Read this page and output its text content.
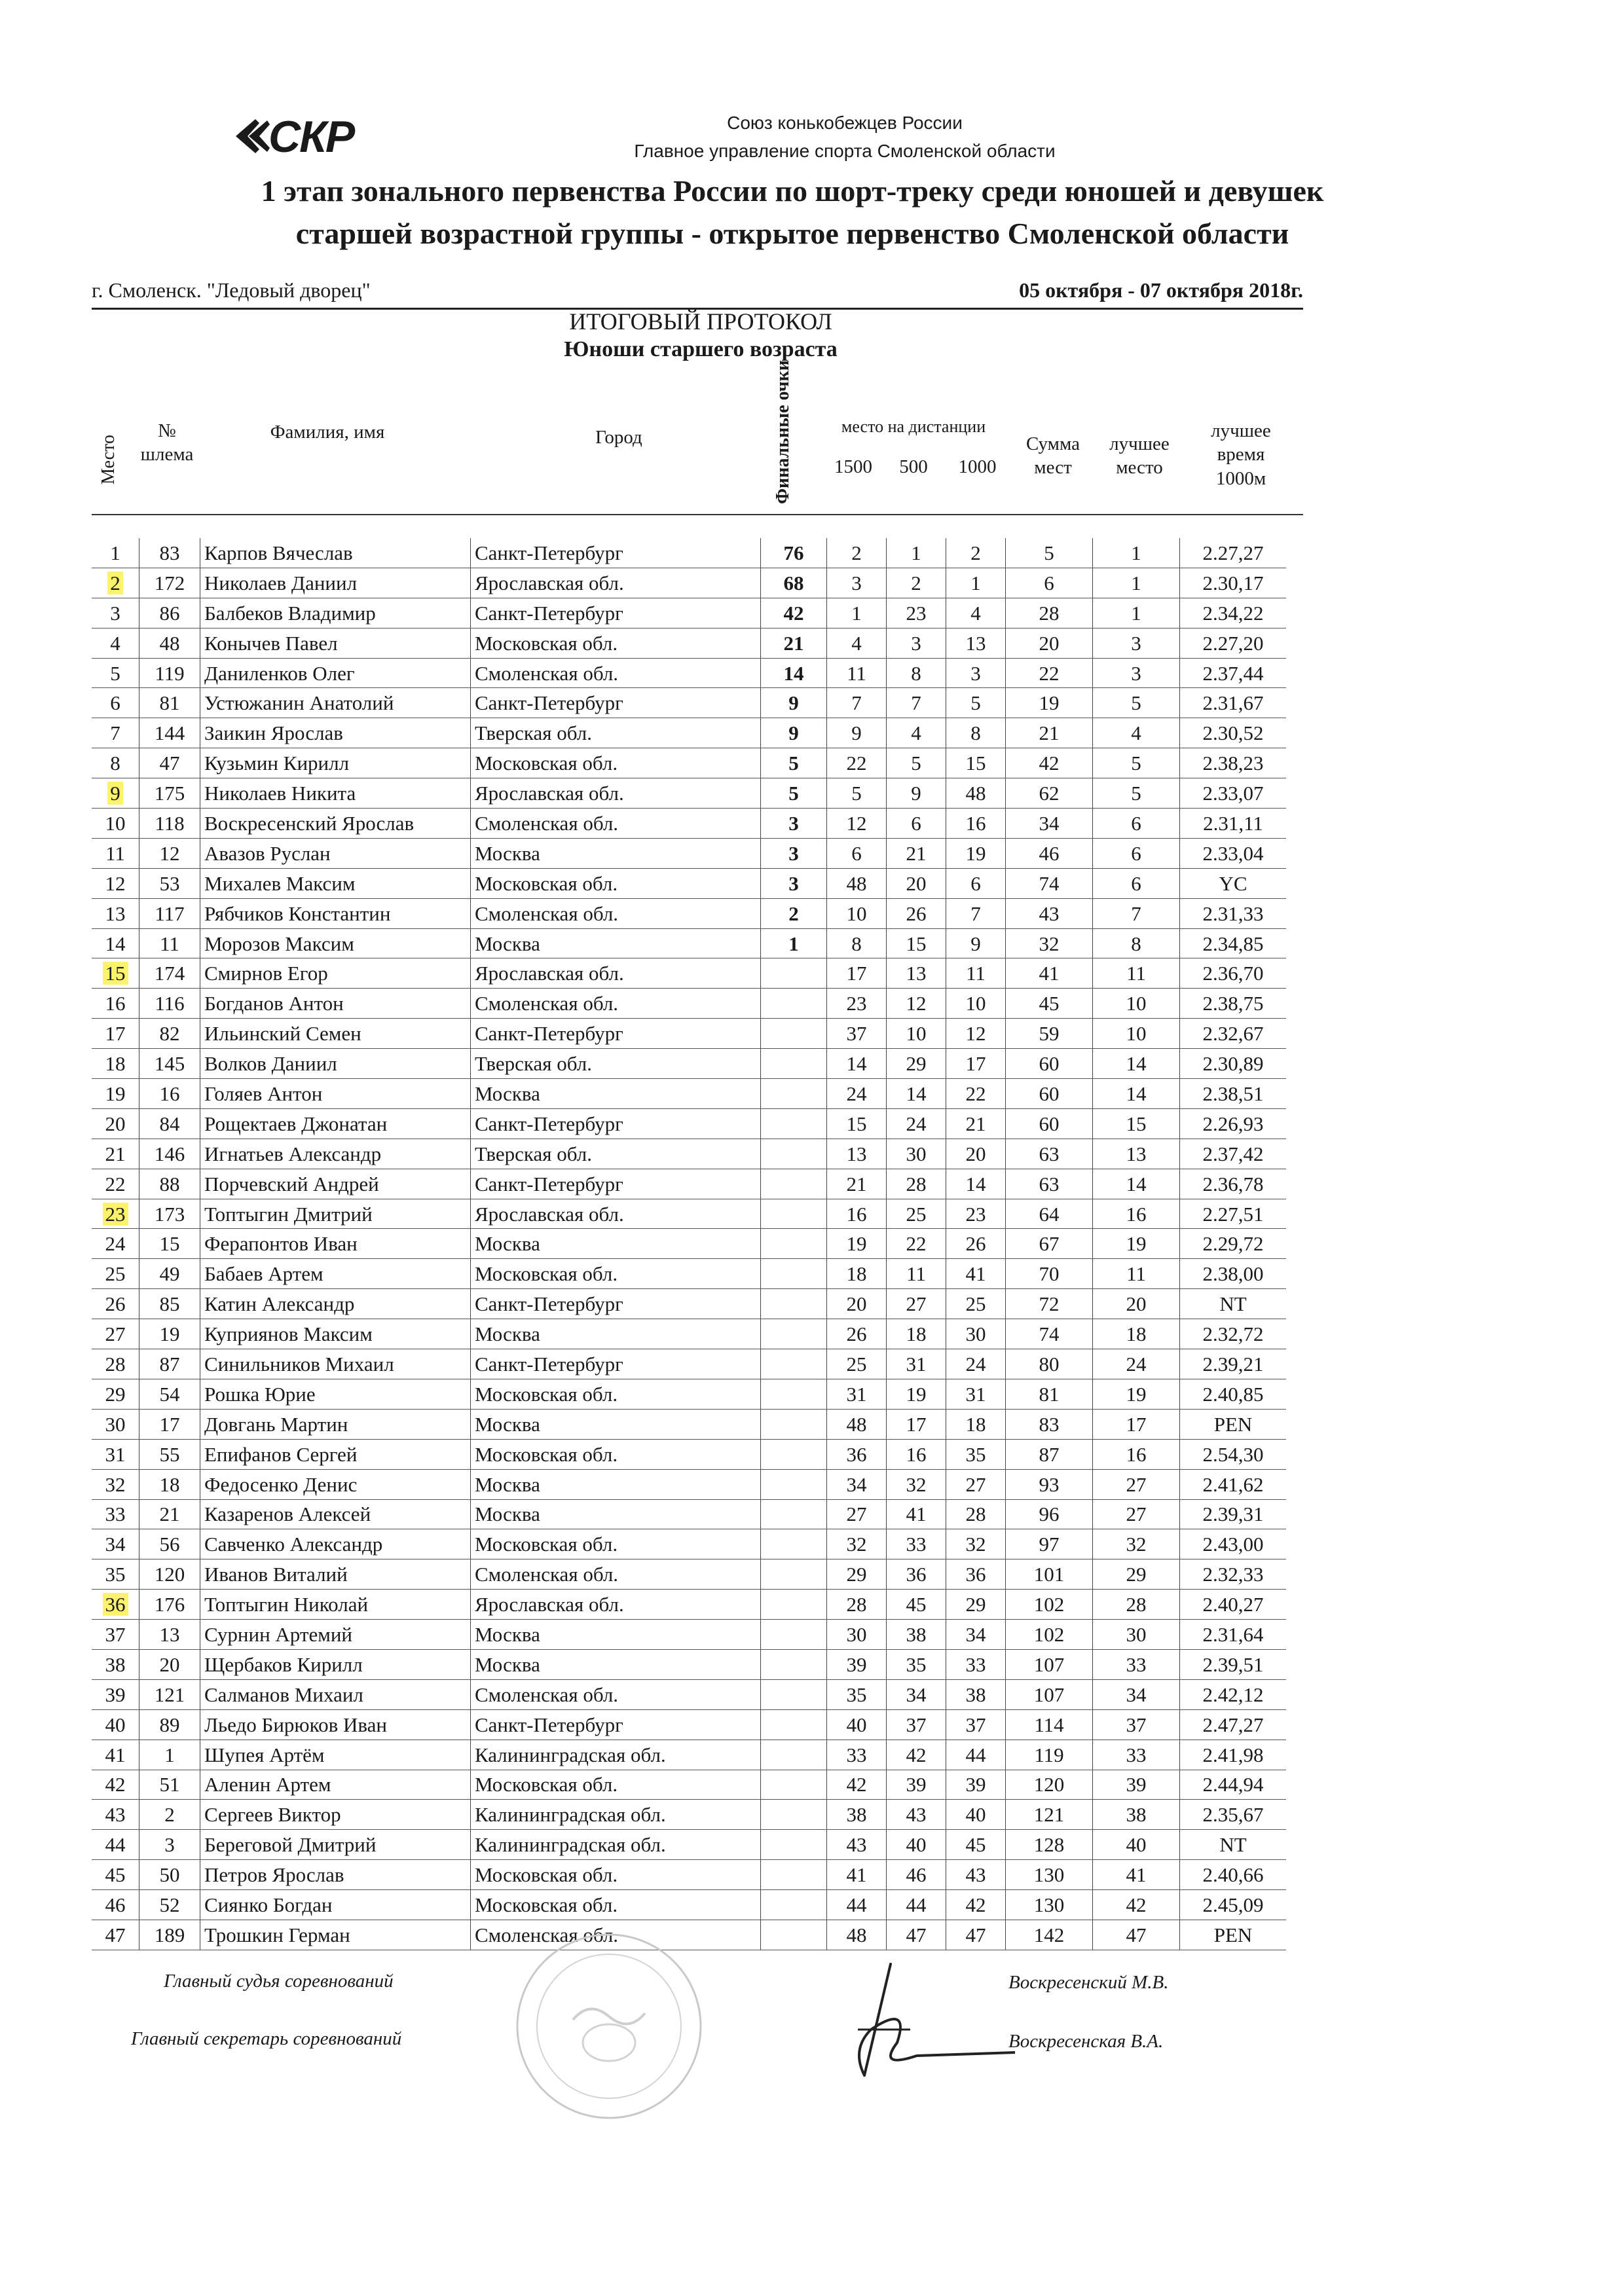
СКР	Союз конькобежцев России
Главное управление спорта Смоленской области
1 этап зонального первенства России по шорт-треку среди юношей и девушек
старшей возрастной группы - открытое первенство Смоленской области
г. Смоленск. "Ледовый дворец"	05 октября - 07 октября 2018г.
ИТОГОВЫЙ ПРОТОКОЛ
Юноши старшего возраста
Место
№ шлема
Фамилия, имя	Город	Финальные очки	место на дистанции
1500	500	1000
Сумма мест
лучшее место
лучшее время 1000м
1	83	Карпов Вячеслав	Санкт-Петербург	76	2	1	2	5	1	2.27,27
2	172	Николаев Даниил	Ярославская обл.	68	3	2	1	6	1	2.30,17
3	86	Балбеков Владимир	Санкт-Петербург	42	1	23	4	28	1	2.34,22
4	48	Конычев Павел	Московская обл.	21	4	3	13	20	3	2.27,20
5	119	Даниленков Олег	Смоленская обл.	14	11	8	3	22	3	2.37,44
6	81	Устюжанин Анатолий	Санкт-Петербург	9	7	7	5	19	5	2.31,67
7	144	Заикин Ярослав	Тверская обл.	9	9	4	8	21	4	2.30,52
8	47	Кузьмин Кирилл	Московская обл.	5	22	5	15	42	5	2.38,23
9	175	Николаев Никита	Ярославская обл.	5	5	9	48	62	5	2.33,07
10	118	Воскресенский Ярослав	Смоленская обл.	3	12	6	16	34	6	2.31,11
11	12	Авазов Руслан	Москва	3	6	21	19	46	6	2.33,04
12	53	Михалев Максим	Московская обл.	3	48	20	6	74	6	YC
13	117	Рябчиков Константин	Смоленская обл.	2	10	26	7	43	7	2.31,33
14	11	Морозов Максим	Москва	1	8	15	9	32	8	2.34,85
15	174	Смирнов Егор	Ярославская обл.		17	13	11	41	11	2.36,70
16	116	Богданов Антон	Смоленская обл.		23	12	10	45	10	2.38,75
17	82	Ильинский Семен	Санкт-Петербург		37	10	12	59	10	2.32,67
18	145	Волков Даниил	Тверская обл.		14	29	17	60	14	2.30,89
19	16	Голяев Антон	Москва		24	14	22	60	14	2.38,51
20	84	Рощектаев Джонатан	Санкт-Петербург		15	24	21	60	15	2.26,93
21	146	Игнатьев Александр	Тверская обл.		13	30	20	63	13	2.37,42
22	88	Порчевский Андрей	Санкт-Петербург		21	28	14	63	14	2.36,78
23	173	Топтыгин Дмитрий	Ярославская обл.		16	25	23	64	16	2.27,51
24	15	Ферапонтов Иван	Москва		19	22	26	67	19	2.29,72
25	49	Бабаев Артем	Московская обл.		18	11	41	70	11	2.38,00
26	85	Катин Александр	Санкт-Петербург		20	27	25	72	20	NT
27	19	Куприянов Максим	Москва		26	18	30	74	18	2.32,72
28	87	Синильников Михаил	Санкт-Петербург		25	31	24	80	24	2.39,21
29	54	Рошка Юрие	Московская обл.		31	19	31	81	19	2.40,85
30	17	Довгань Мартин	Москва		48	17	18	83	17	PEN
31	55	Епифанов Сергей	Московская обл.		36	16	35	87	16	2.54,30
32	18	Федосенко Денис	Москва		34	32	27	93	27	2.41,62
33	21	Казаренов Алексей	Москва		27	41	28	96	27	2.39,31
34	56	Савченко Александр	Московская обл.		32	33	32	97	32	2.43,00
35	120	Иванов Виталий	Смоленская обл.		29	36	36	101	29	2.32,33
36	176	Топтыгин Николай	Ярославская обл.		28	45	29	102	28	2.40,27
37	13	Сурнин Артемий	Москва		30	38	34	102	30	2.31,64
38	20	Щербаков Кирилл	Москва		39	35	33	107	33	2.39,51
39	121	Салманов Михаил	Смоленская обл.		35	34	38	107	34	2.42,12
40	89	Льедо Бирюков Иван	Санкт-Петербург		40	37	37	114	37	2.47,27
41	1	Шупея Артём	Калининградская обл.		33	42	44	119	33	2.41,98
42	51	Аленин Артем	Московская обл.		42	39	39	120	39	2.44,94
43	2	Сергеев Виктор	Калининградская обл.		38	43	40	121	38	2.35,67
44	3	Береговой Дмитрий	Калининградская обл.		43	40	45	128	40	NT
45	50	Петров Ярослав	Московская обл.		41	46	43	130	41	2.40,66
46	52	Сиянко Богдан	Московская обл.		44	44	42	130	42	2.45,09
47	189	Трошкин Герман	Смоленская обл.		48	47	47	142	47	PEN
Главный судья соревнований	Воскресенский М.В.
Главный секретарь соревнований	Воскресенская В.А.
